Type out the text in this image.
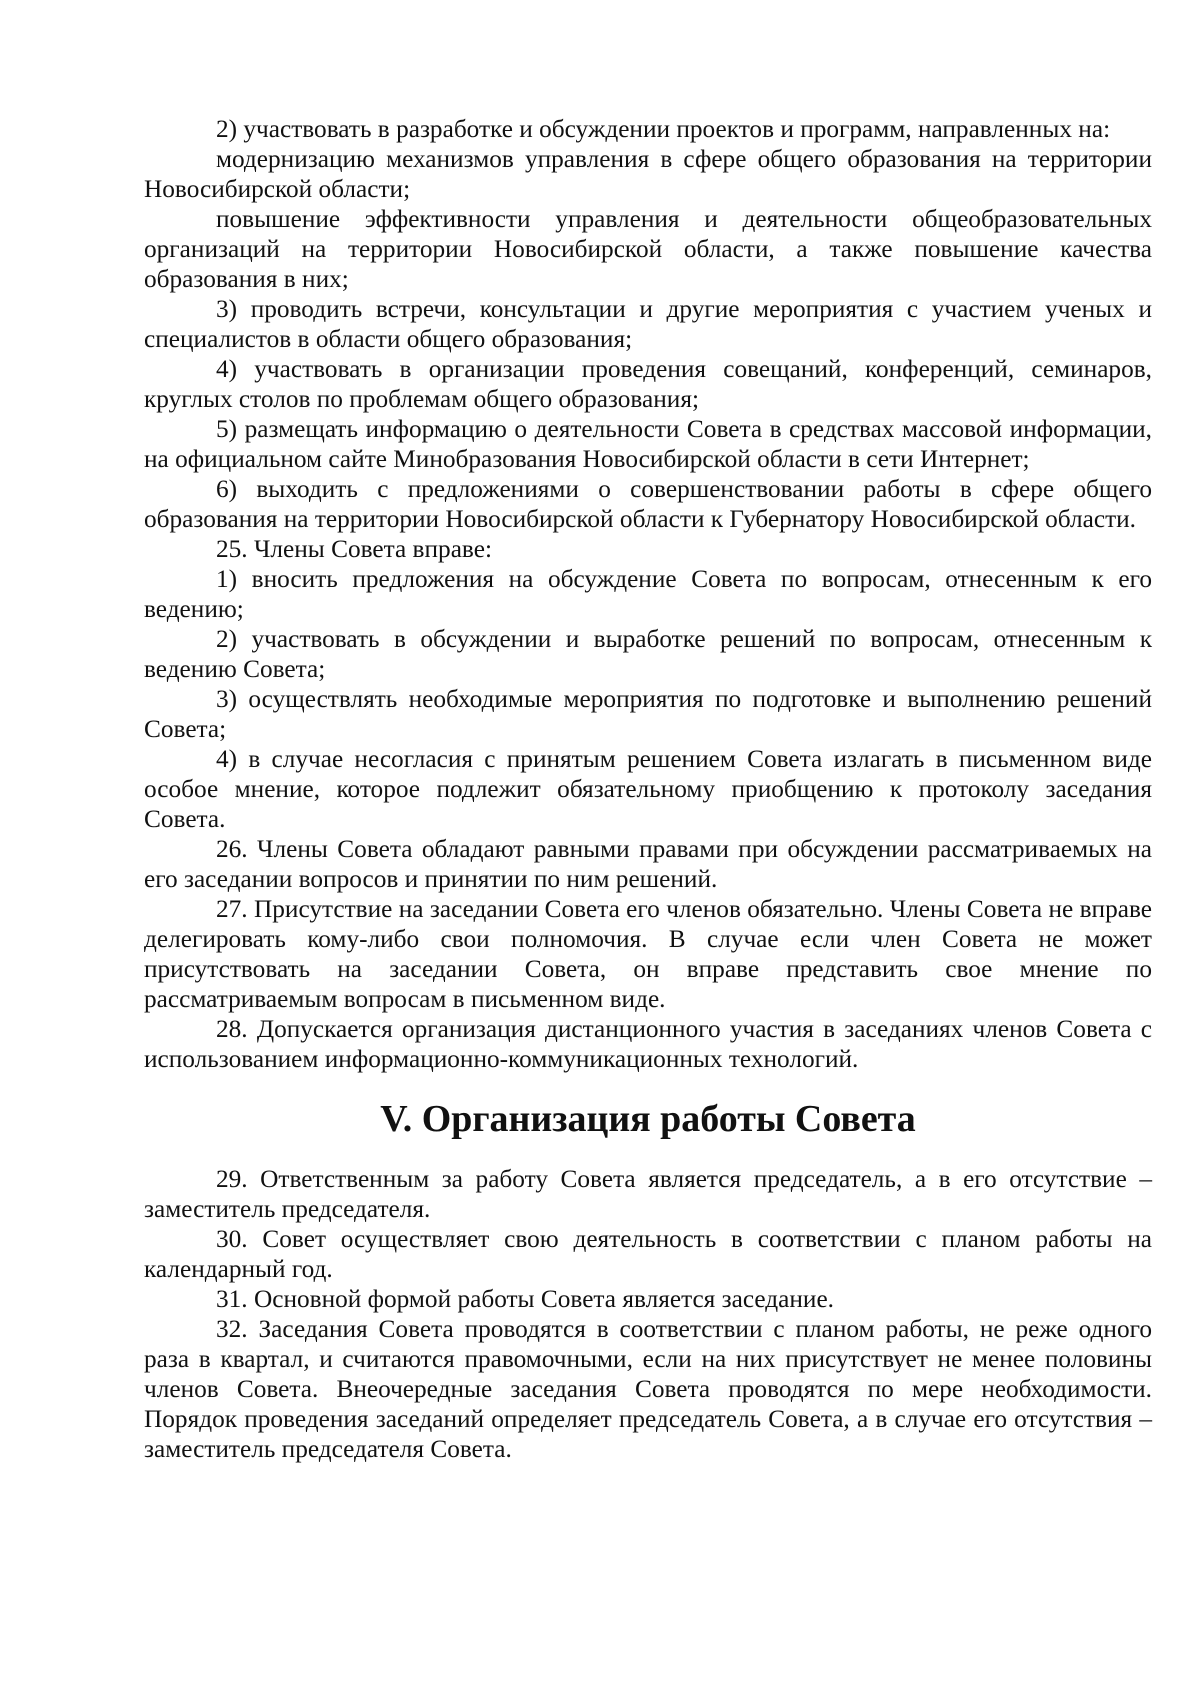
2) участвовать в разработке и обсуждении проектов и программ, направленных на:

модернизацию механизмов управления в сфере общего образования на территории Новосибирской области;

повышение эффективности управления и деятельности общеобразовательных организаций на территории Новосибирской области, а также повышение качества образования в них;

3) проводить встречи, консультации и другие мероприятия с участием ученых и специалистов в области общего образования;

4) участвовать в организации проведения совещаний, конференций, семинаров, круглых столов по проблемам общего образования;

5) размещать информацию о деятельности Совета в средствах массовой информации, на официальном сайте Минобразования Новосибирской области в сети Интернет;

6) выходить с предложениями о совершенствовании работы в сфере общего образования на территории Новосибирской области к Губернатору Новосибирской области.

25. Члены Совета вправе:

1) вносить предложения на обсуждение Совета по вопросам, отнесенным к его ведению;

2) участвовать в обсуждении и выработке решений по вопросам, отнесенным к ведению Совета;

3) осуществлять необходимые мероприятия по подготовке и выполнению решений Совета;

4) в случае несогласия с принятым решением Совета излагать в письменном виде особое мнение, которое подлежит обязательному приобщению к протоколу заседания Совета.

26. Члены Совета обладают равными правами при обсуждении рассматриваемых на его заседании вопросов и принятии по ним решений.

27. Присутствие на заседании Совета его членов обязательно. Члены Совета не вправе делегировать кому-либо свои полномочия. В случае если член Совета не может присутствовать на заседании Совета, он вправе представить свое мнение по рассматриваемым вопросам в письменном виде.

28. Допускается организация дистанционного участия в заседаниях членов Совета с использованием информационно-коммуникационных технологий.

V. Организация работы Совета

29. Ответственным за работу Совета является председатель, а в его отсутствие – заместитель председателя.

30. Совет осуществляет свою деятельность в соответствии с планом работы на календарный год.

31. Основной формой работы Совета является заседание.

32. Заседания Совета проводятся в соответствии с планом работы, не реже одного раза в квартал, и считаются правомочными, если на них присутствует не менее половины членов Совета. Внеочередные заседания Совета проводятся по мере необходимости. Порядок проведения заседаний определяет председатель Совета, а в случае его отсутствия – заместитель председателя Совета.
